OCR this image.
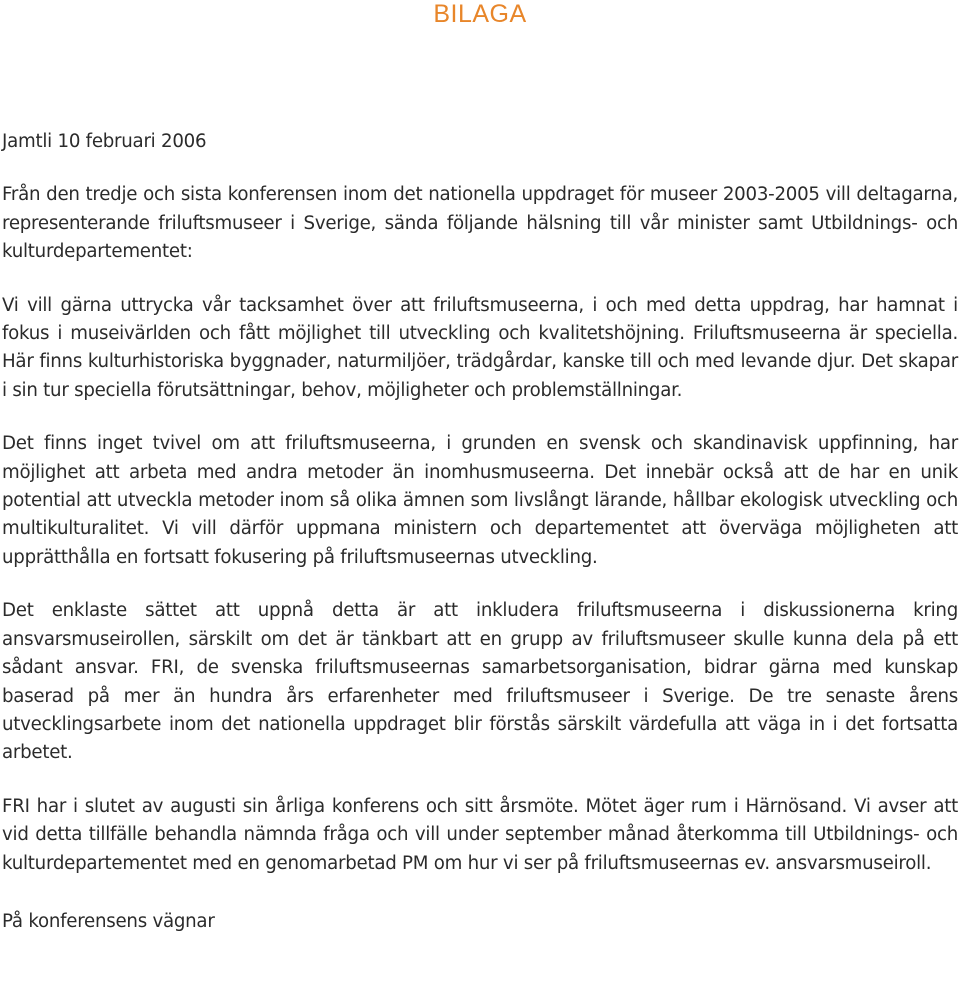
BILAGA

Jamtli 10 februari 2006

Från den tredje och sista konferensen inom det nationella uppdraget för museer 2003-2005 vill deltagarna, representerande friluftsmuseer i Sverige, sända följande hälsning till vår minister samt Utbildnings- och kulturdepartementet:

Vi vill gärna uttrycka vår tacksamhet över att friluftsmuseerna, i och med detta uppdrag, har hamnat i fokus i museivärlden och fått möjlighet till utveckling och kvalitetshöjning. Friluftsmuseerna är speciella. Här finns kulturhistoriska byggnader, naturmiljöer, trädgårdar, kanske till och med levande djur. Det skapar i sin tur speciella förutsättningar, behov, möjligheter och problemställningar.

Det finns inget tvivel om att friluftsmuseerna, i grunden en svensk och skandinavisk uppfinning, har möjlighet att arbeta med andra metoder än inomhusmuseerna. Det innebär också att de har en unik potential att utveckla metoder inom så olika ämnen som livslångt lärande, hållbar ekologisk utveckling och multikulturalitet. Vi vill därför uppmana ministern och departementet att överväga möjligheten att upprätthålla en fortsatt fokusering på friluftsmuseernas utveckling.

Det enklaste sättet att uppnå detta är att inkludera friluftsmuseerna i diskussionerna kring ansvarsmuseirollen, särskilt om det är tänkbart att en grupp av friluftsmuseer skulle kunna dela på ett sådant ansvar. FRI, de svenska friluftsmuseernas samarbetsorganisation, bidrar gärna med kunskap baserad på mer än hundra års erfarenheter med friluftsmuseer i Sverige. De tre senaste årens utvecklingsarbete inom det nationella uppdraget blir förstås särskilt värdefulla att väga in i det fortsatta arbetet.

FRI har i slutet av augusti sin årliga konferens och sitt årsmöte. Mötet äger rum i Härnösand. Vi avser att vid detta tillfälle behandla nämnda fråga och vill under september månad återkomma till Utbildnings- och kulturdepartementet med en genomarbetad PM om hur vi ser på friluftsmuseernas ev. ansvarsmuseiroll.

På konferensens vägnar
